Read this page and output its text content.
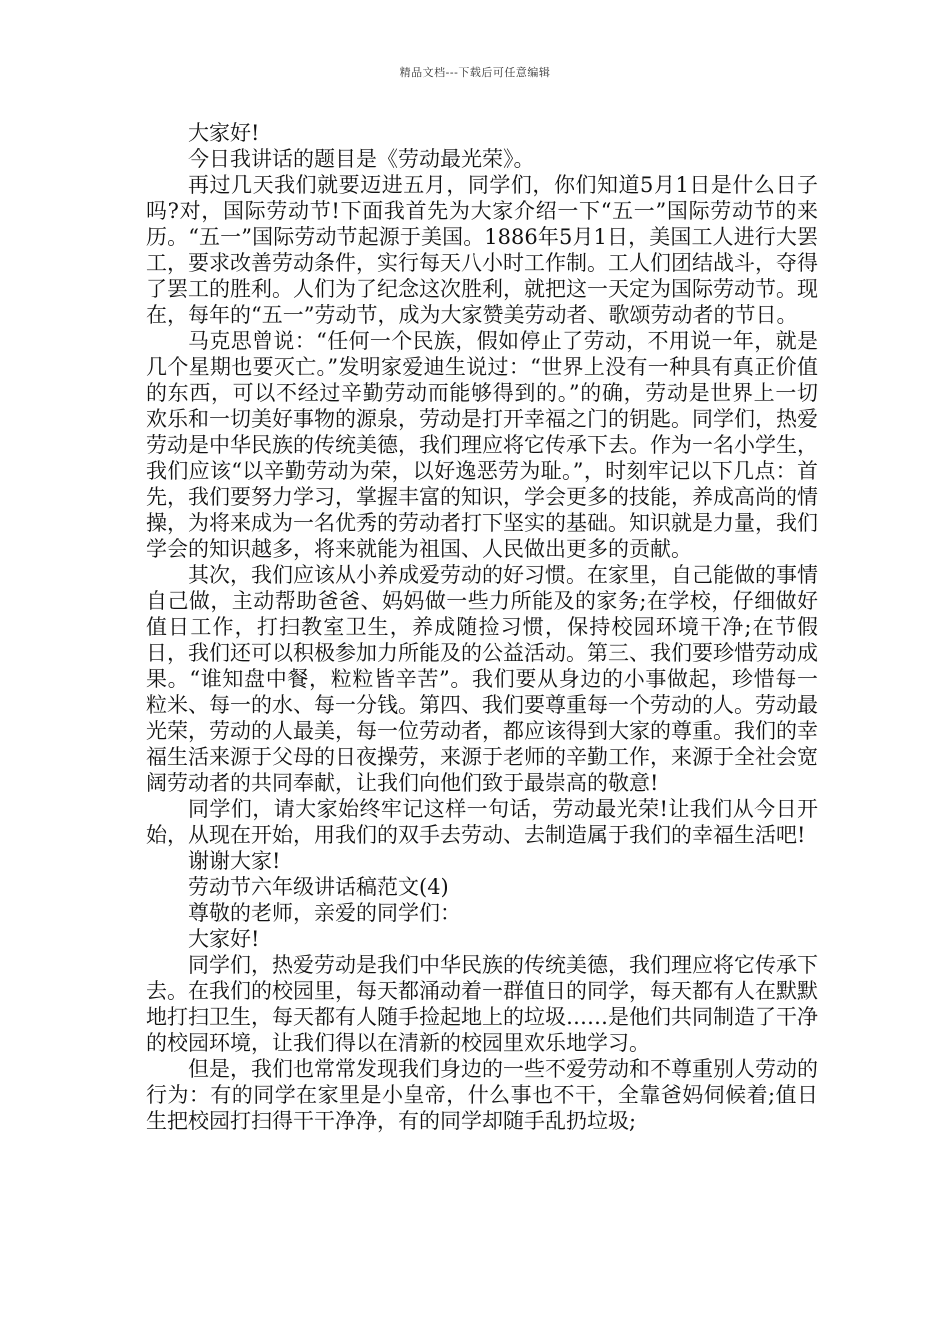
精品文档---下载后可任意编辑

大家好!

今日我讲话的题目是《劳动最光荣》。

再过几天我们就要迈进五月，同学们，你们知道5月1日是什么日子吗?对，国际劳动节!下面我首先为大家介绍一下“五一”国际劳动节的来历。“五一”国际劳动节起源于美国。1886年5月1日，美国工人进行大罢工，要求改善劳动条件，实行每天八小时工作制。工人们团结战斗，夺得了罢工的胜利。人们为了纪念这次胜利，就把这一天定为国际劳动节。现在，每年的“五一”劳动节，成为大家赞美劳动者、歌颂劳动者的节日。

马克思曾说：“任何一个民族，假如停止了劳动，不用说一年，就是几个星期也要灭亡。”发明家爱迪生说过：“世界上没有一种具有真正价值的东西，可以不经过辛勤劳动而能够得到的。”的确，劳动是世界上一切欢乐和一切美好事物的源泉，劳动是打开幸福之门的钥匙。同学们，热爱劳动是中华民族的传统美德，我们理应将它传承下去。作为一名小学生，我们应该“以辛勤劳动为荣，以好逸恶劳为耻。”，时刻牢记以下几点：首先，我们要努力学习，掌握丰富的知识，学会更多的技能，养成高尚的情操，为将来成为一名优秀的劳动者打下坚实的基础。知识就是力量，我们学会的知识越多，将来就能为祖国、人民做出更多的贡献。

其次，我们应该从小养成爱劳动的好习惯。在家里，自己能做的事情自己做，主动帮助爸爸、妈妈做一些力所能及的家务;在学校，仔细做好值日工作，打扫教室卫生，养成随捡习惯，保持校园环境干净;在节假日，我们还可以积极参加力所能及的公益活动。第三、我们要珍惜劳动成果。“谁知盘中餐，粒粒皆辛苦”。我们要从身边的小事做起，珍惜每一粒米、每一的水、每一分钱。第四、我们要尊重每一个劳动的人。劳动最光荣，劳动的人最美，每一位劳动者，都应该得到大家的尊重。我们的幸福生活来源于父母的日夜操劳，来源于老师的辛勤工作，来源于全社会宽阔劳动者的共同奉献，让我们向他们致于最崇高的敬意!

同学们，请大家始终牢记这样一句话，劳动最光荣!让我们从今日开始，从现在开始，用我们的双手去劳动、去制造属于我们的幸福生活吧!

谢谢大家!

劳动节六年级讲话稿范文(4)

尊敬的老师，亲爱的同学们：

大家好!

同学们，热爱劳动是我们中华民族的传统美德，我们理应将它传承下去。在我们的校园里，每天都涌动着一群值日的同学，每天都有人在默默地打扫卫生，每天都有人随手捡起地上的垃圾……是他们共同制造了干净的校园环境，让我们得以在清新的校园里欢乐地学习。

但是，我们也常常发现我们身边的一些不爱劳动和不尊重别人劳动的行为：有的同学在家里是小皇帝，什么事也不干，全靠爸妈伺候着;值日生把校园打扫得干干净净，有的同学却随手乱扔垃圾;
